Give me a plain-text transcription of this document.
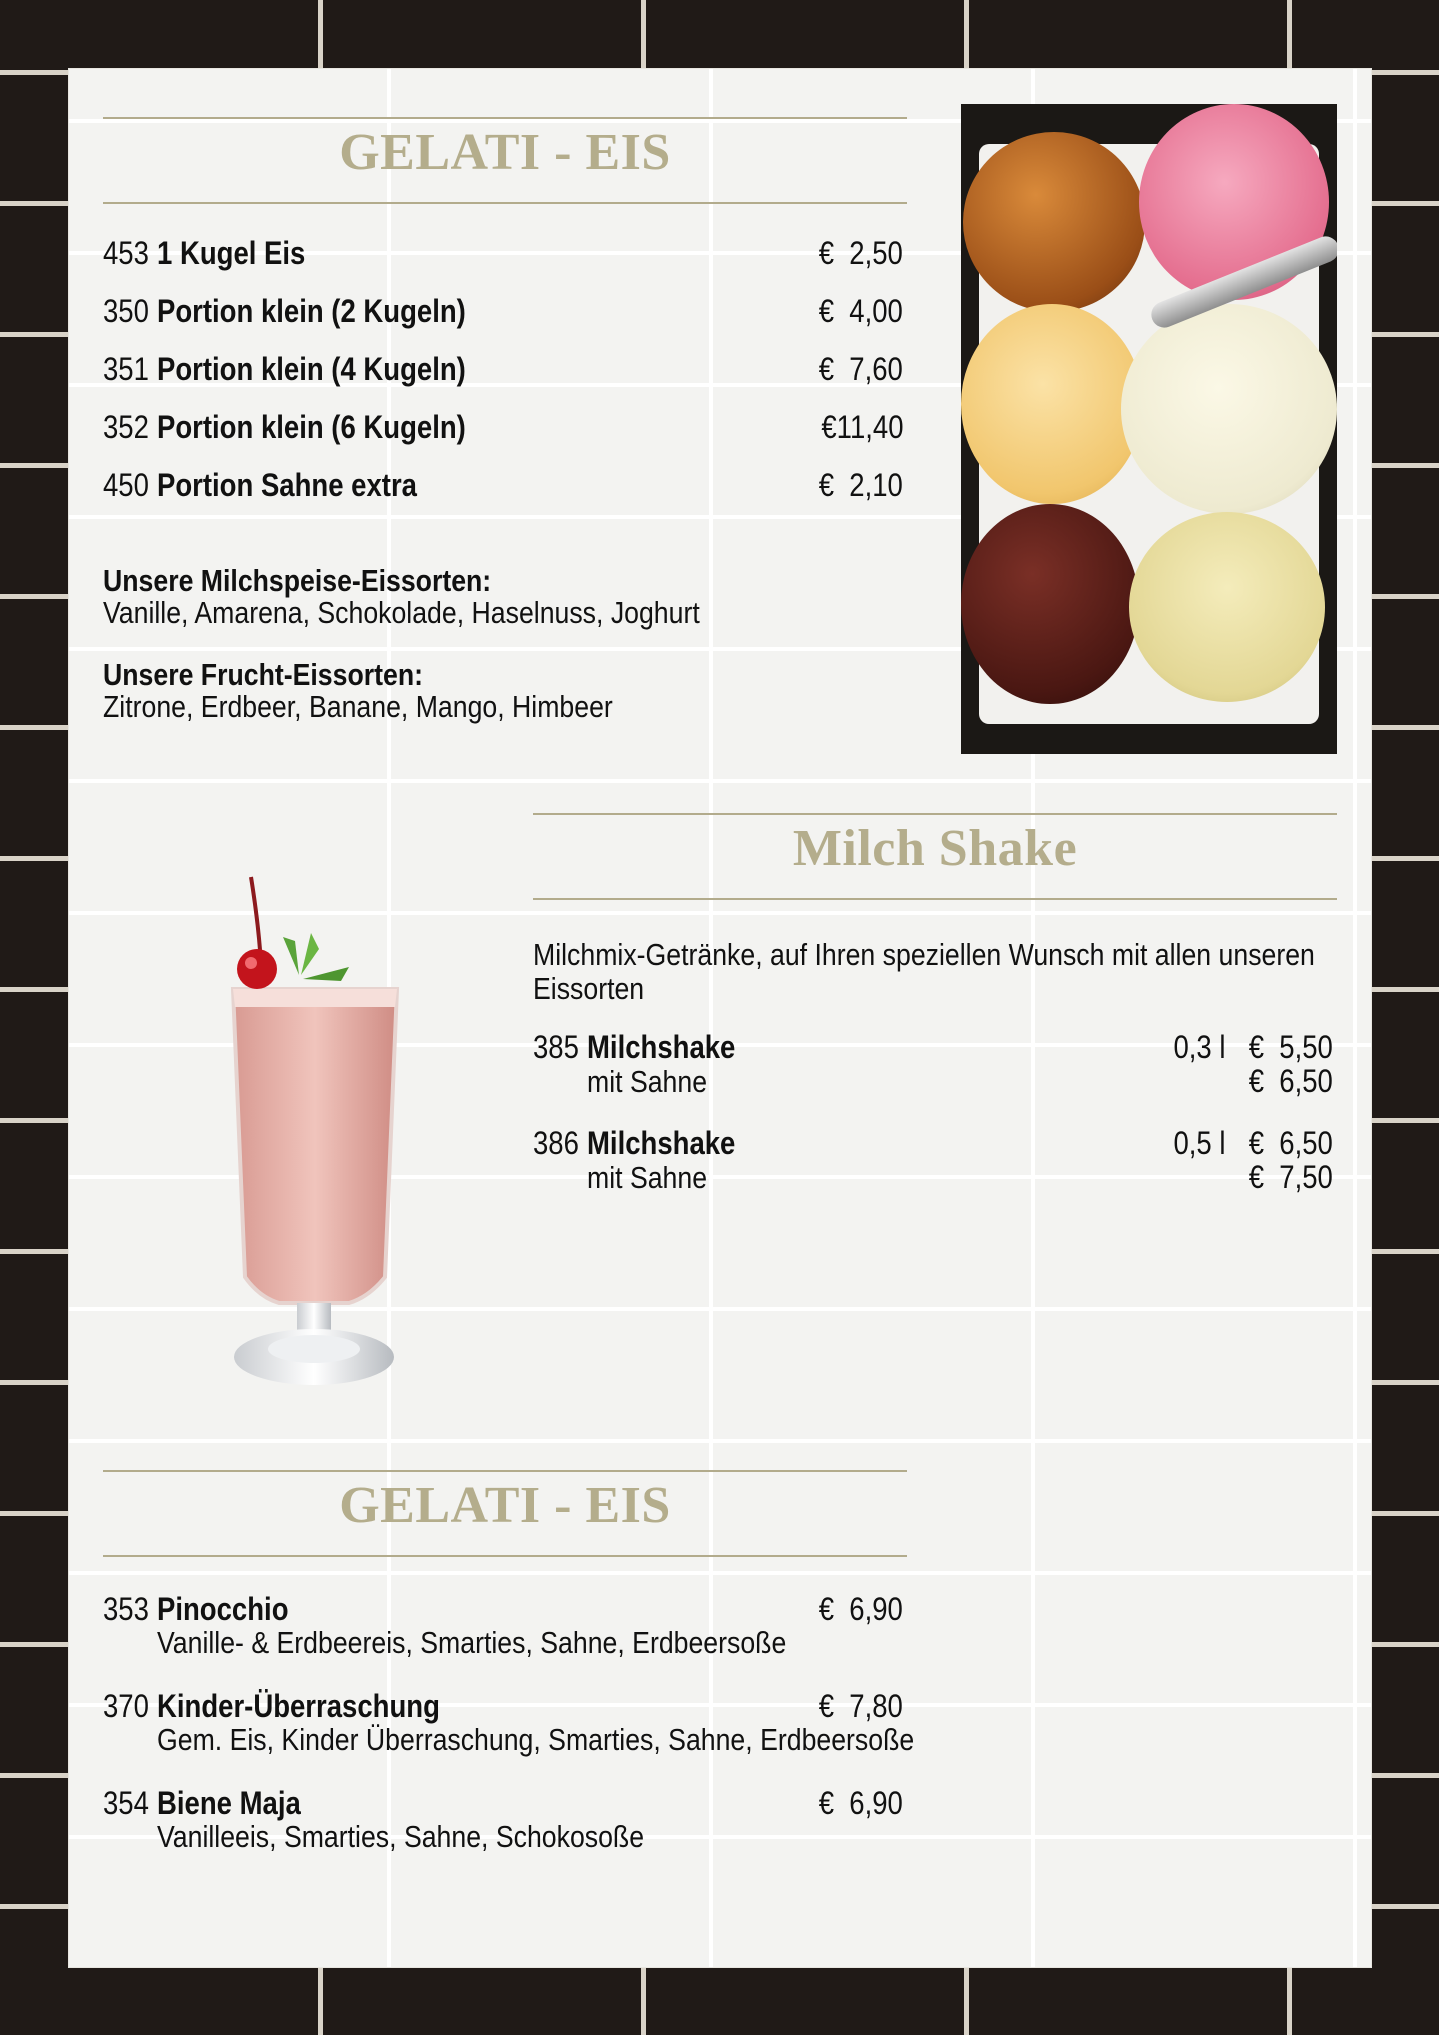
GELATI - EIS
453 1 Kugel Eis	€  2,50
350 Portion klein (2 Kugeln)	€  4,00
351 Portion klein (4 Kugeln)	€  7,60
352 Portion klein (6 Kugeln)	€11,40
450 Portion Sahne extra	€  2,10
Unsere Milchspeise-Eissorten:
Vanille, Amarena, Schokolade, Haselnuss, Joghurt
Unsere Frucht-Eissorten:
Zitrone, Erdbeer, Banane, Mango, Himbeer
Milch Shake
Milchmix-Getränke, auf Ihren speziellen Wunsch mit allen unseren
Eissorten
385 Milchshake	0,3 l €  5,50
mit Sahne	€  6,50
386 Milchshake	0,5 l €  6,50
mit Sahne	€  7,50
GELATI - EIS
353 Pinocchio	€  6,90
Vanille- & Erdbeereis, Smarties, Sahne, Erdbeersoße
370 Kinder-Überraschung	€  7,80
Gem. Eis, Kinder Überraschung, Smarties, Sahne, Erdbeersoße
354 Biene Maja	€  6,90
Vanilleeis, Smarties, Sahne, Schokosoße
